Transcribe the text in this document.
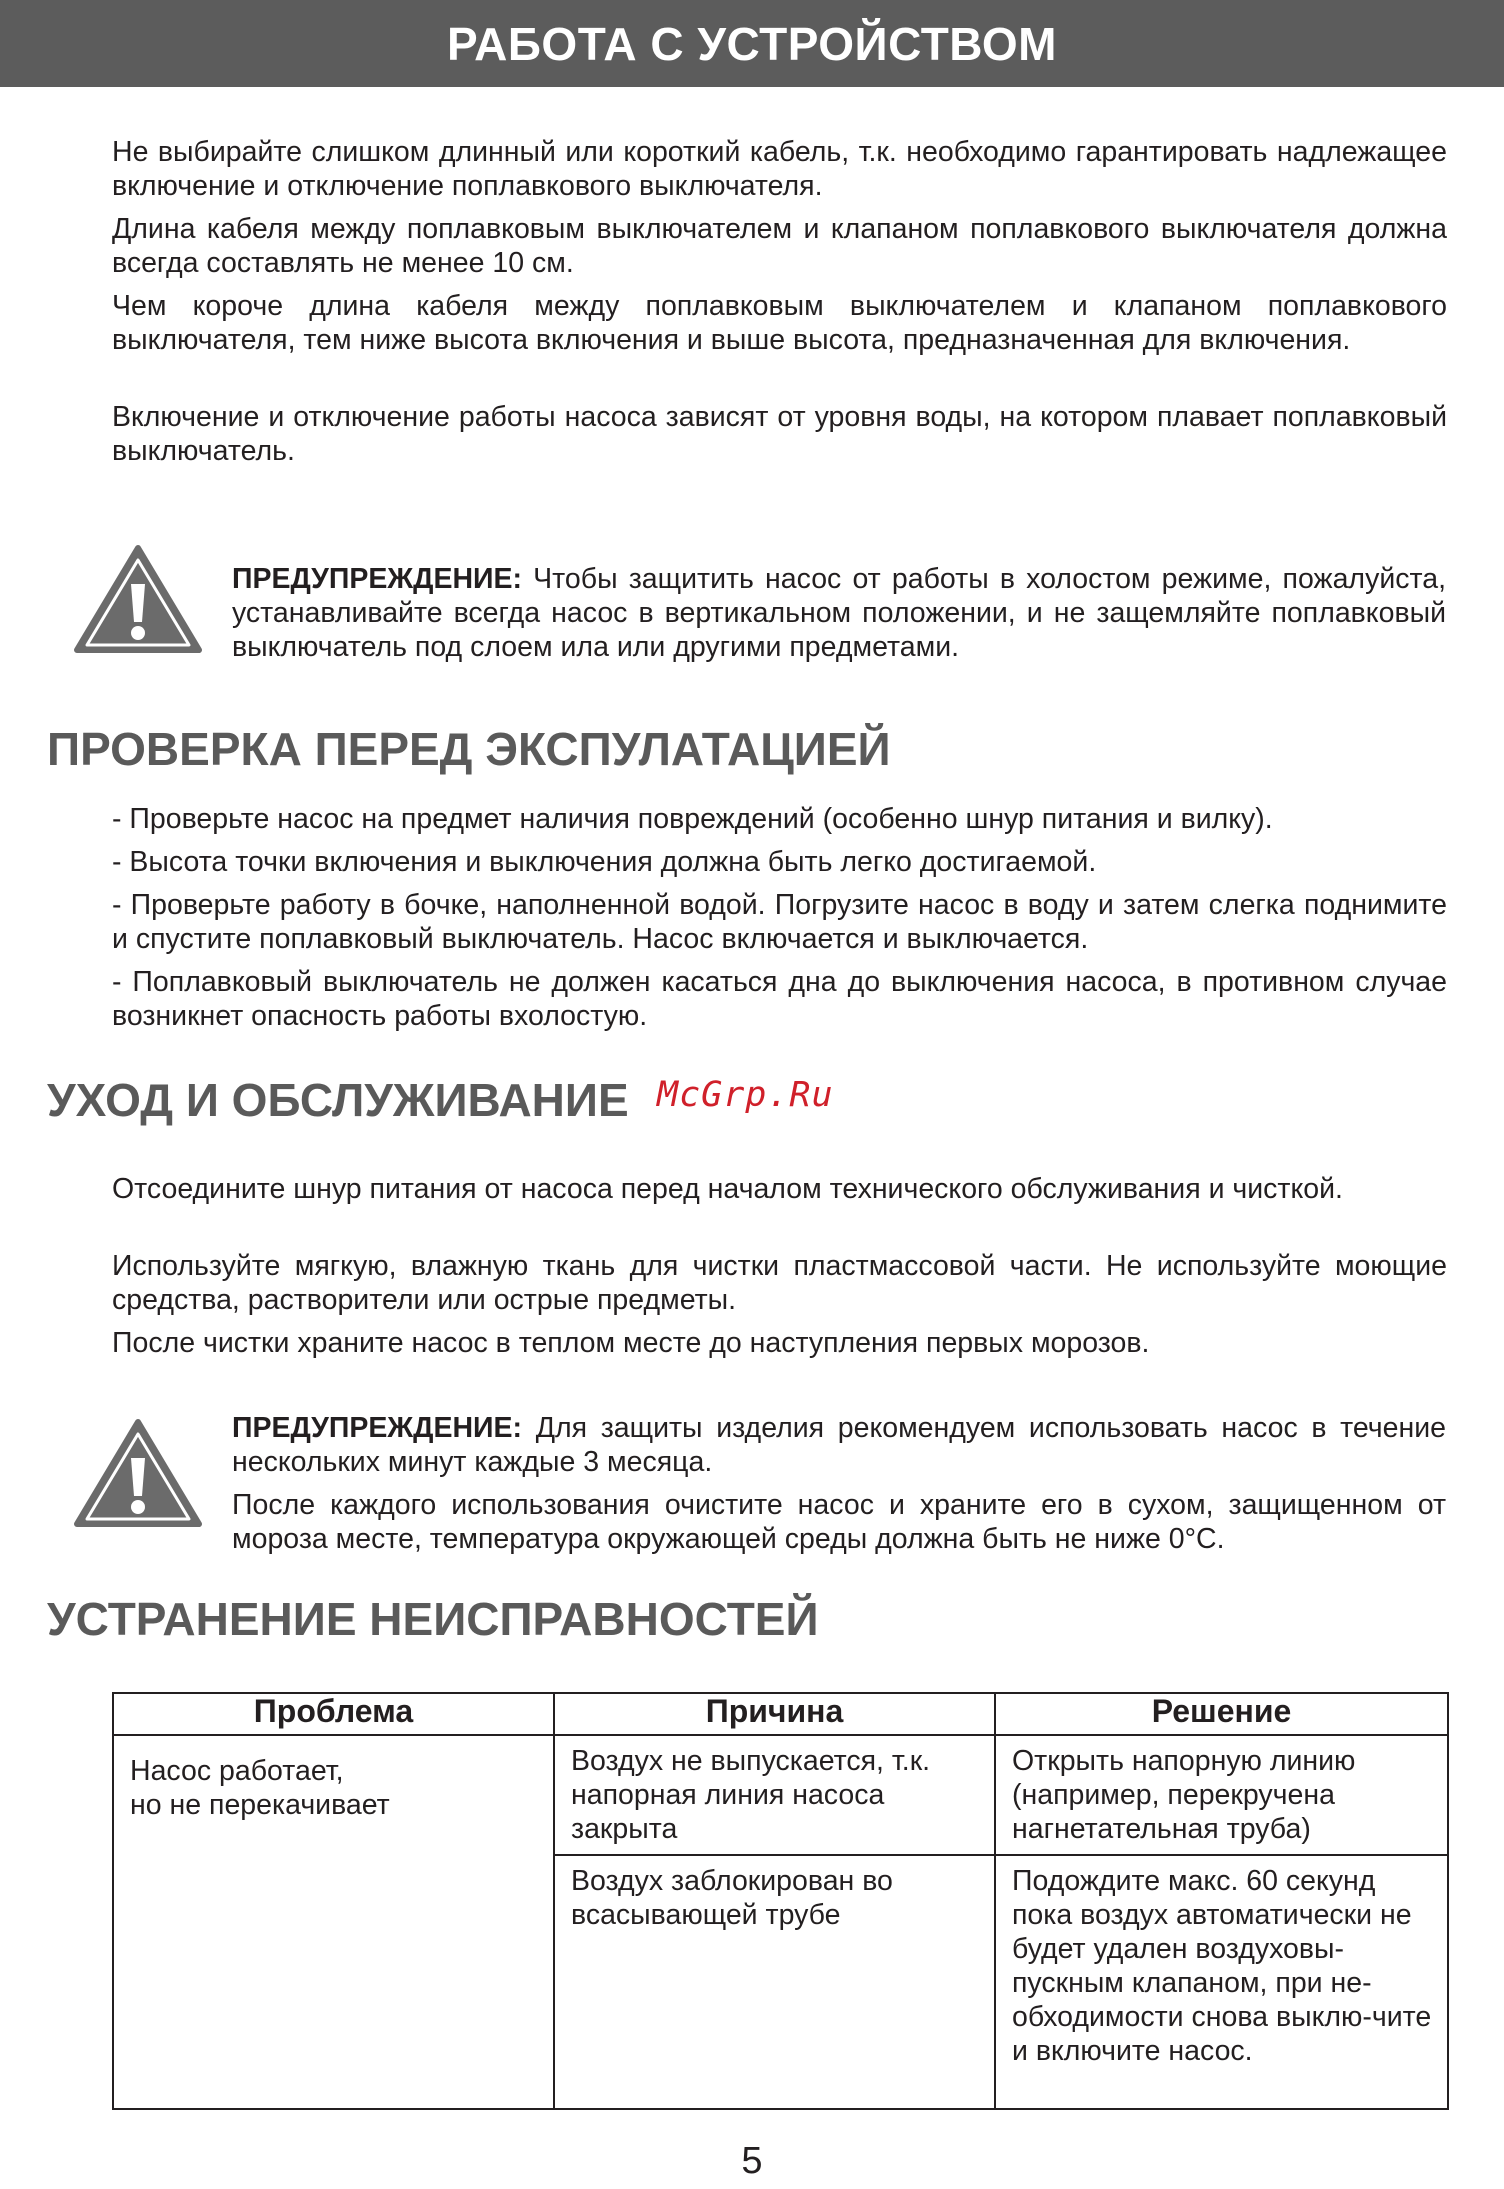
РАБОТА С УСТРОЙСТВОМ

Не выбирайте слишком длинный или короткий кабель, т.к. необходимо гарантировать надлежащее включение и отключение поплавкового выключателя.

Длина кабеля между поплавковым выключателем и клапаном поплавкового выключателя должна всегда составлять не менее 10 см.

Чем короче длина кабеля между поплавковым выключателем и клапаном поплавкового выключателя, тем ниже высота включения и выше высота, предназначенная для включения.

Включение и отключение работы насоса зависят от уровня воды, на котором плавает поплавковый выключатель.

ПРЕДУПРЕЖДЕНИЕ: Чтобы защитить насос от работы в холостом режиме, пожалуйста, устанавливайте всегда насос в вертикальном положении, и не защемляйте поплавковый выключатель под слоем ила или другими предметами.

ПРОВЕРКА ПЕРЕД ЭКСПУЛАТАЦИЕЙ

- Проверьте насос на предмет наличия повреждений (особенно шнур питания и вилку).

- Высота точки включения и выключения должна быть легко достигаемой.

- Проверьте работу в бочке, наполненной водой. Погрузите насос в воду и затем слегка поднимите и спустите поплавковый выключатель. Насос включается и выключается.

- Поплавковый выключатель не должен касаться дна до выключения насоса, в противном случае возникнет опасность работы вхолостую.

УХОД И ОБСЛУЖИВАНИЕ McGrp.Ru

Отсоедините шнур питания от насоса перед началом технического обслуживания и чисткой.

Используйте мягкую, влажную ткань для чистки пластмассовой части. Не используйте моющие средства, растворители или острые предметы.

После чистки храните насос в теплом месте до наступления первых морозов.

ПРЕДУПРЕЖДЕНИЕ: Для защиты изделия рекомендуем использовать насос в течение нескольких минут каждые 3 месяца.

После каждого использования очистите насос и храните его в сухом, защищенном от мороза месте, температура окружающей среды должна быть не ниже 0°C.

УСТРАНЕНИЕ НЕИСПРАВНОСТЕЙ
Проблема	Причина	Решение

Насос работает,
но не перекачивает	Воздух не выпускается, т.к. напорная линия насоса закрыта	Открыть напорную линию (например, перекручена нагнетательная труба)
	Воздух заблокирован во всасывающей трубе	Подождите макс. 60 секунд пока воздух автоматически не будет удален воздуховы-пускным клапаном, при не-обходимости снова выклю-чите и включите насос.
5
